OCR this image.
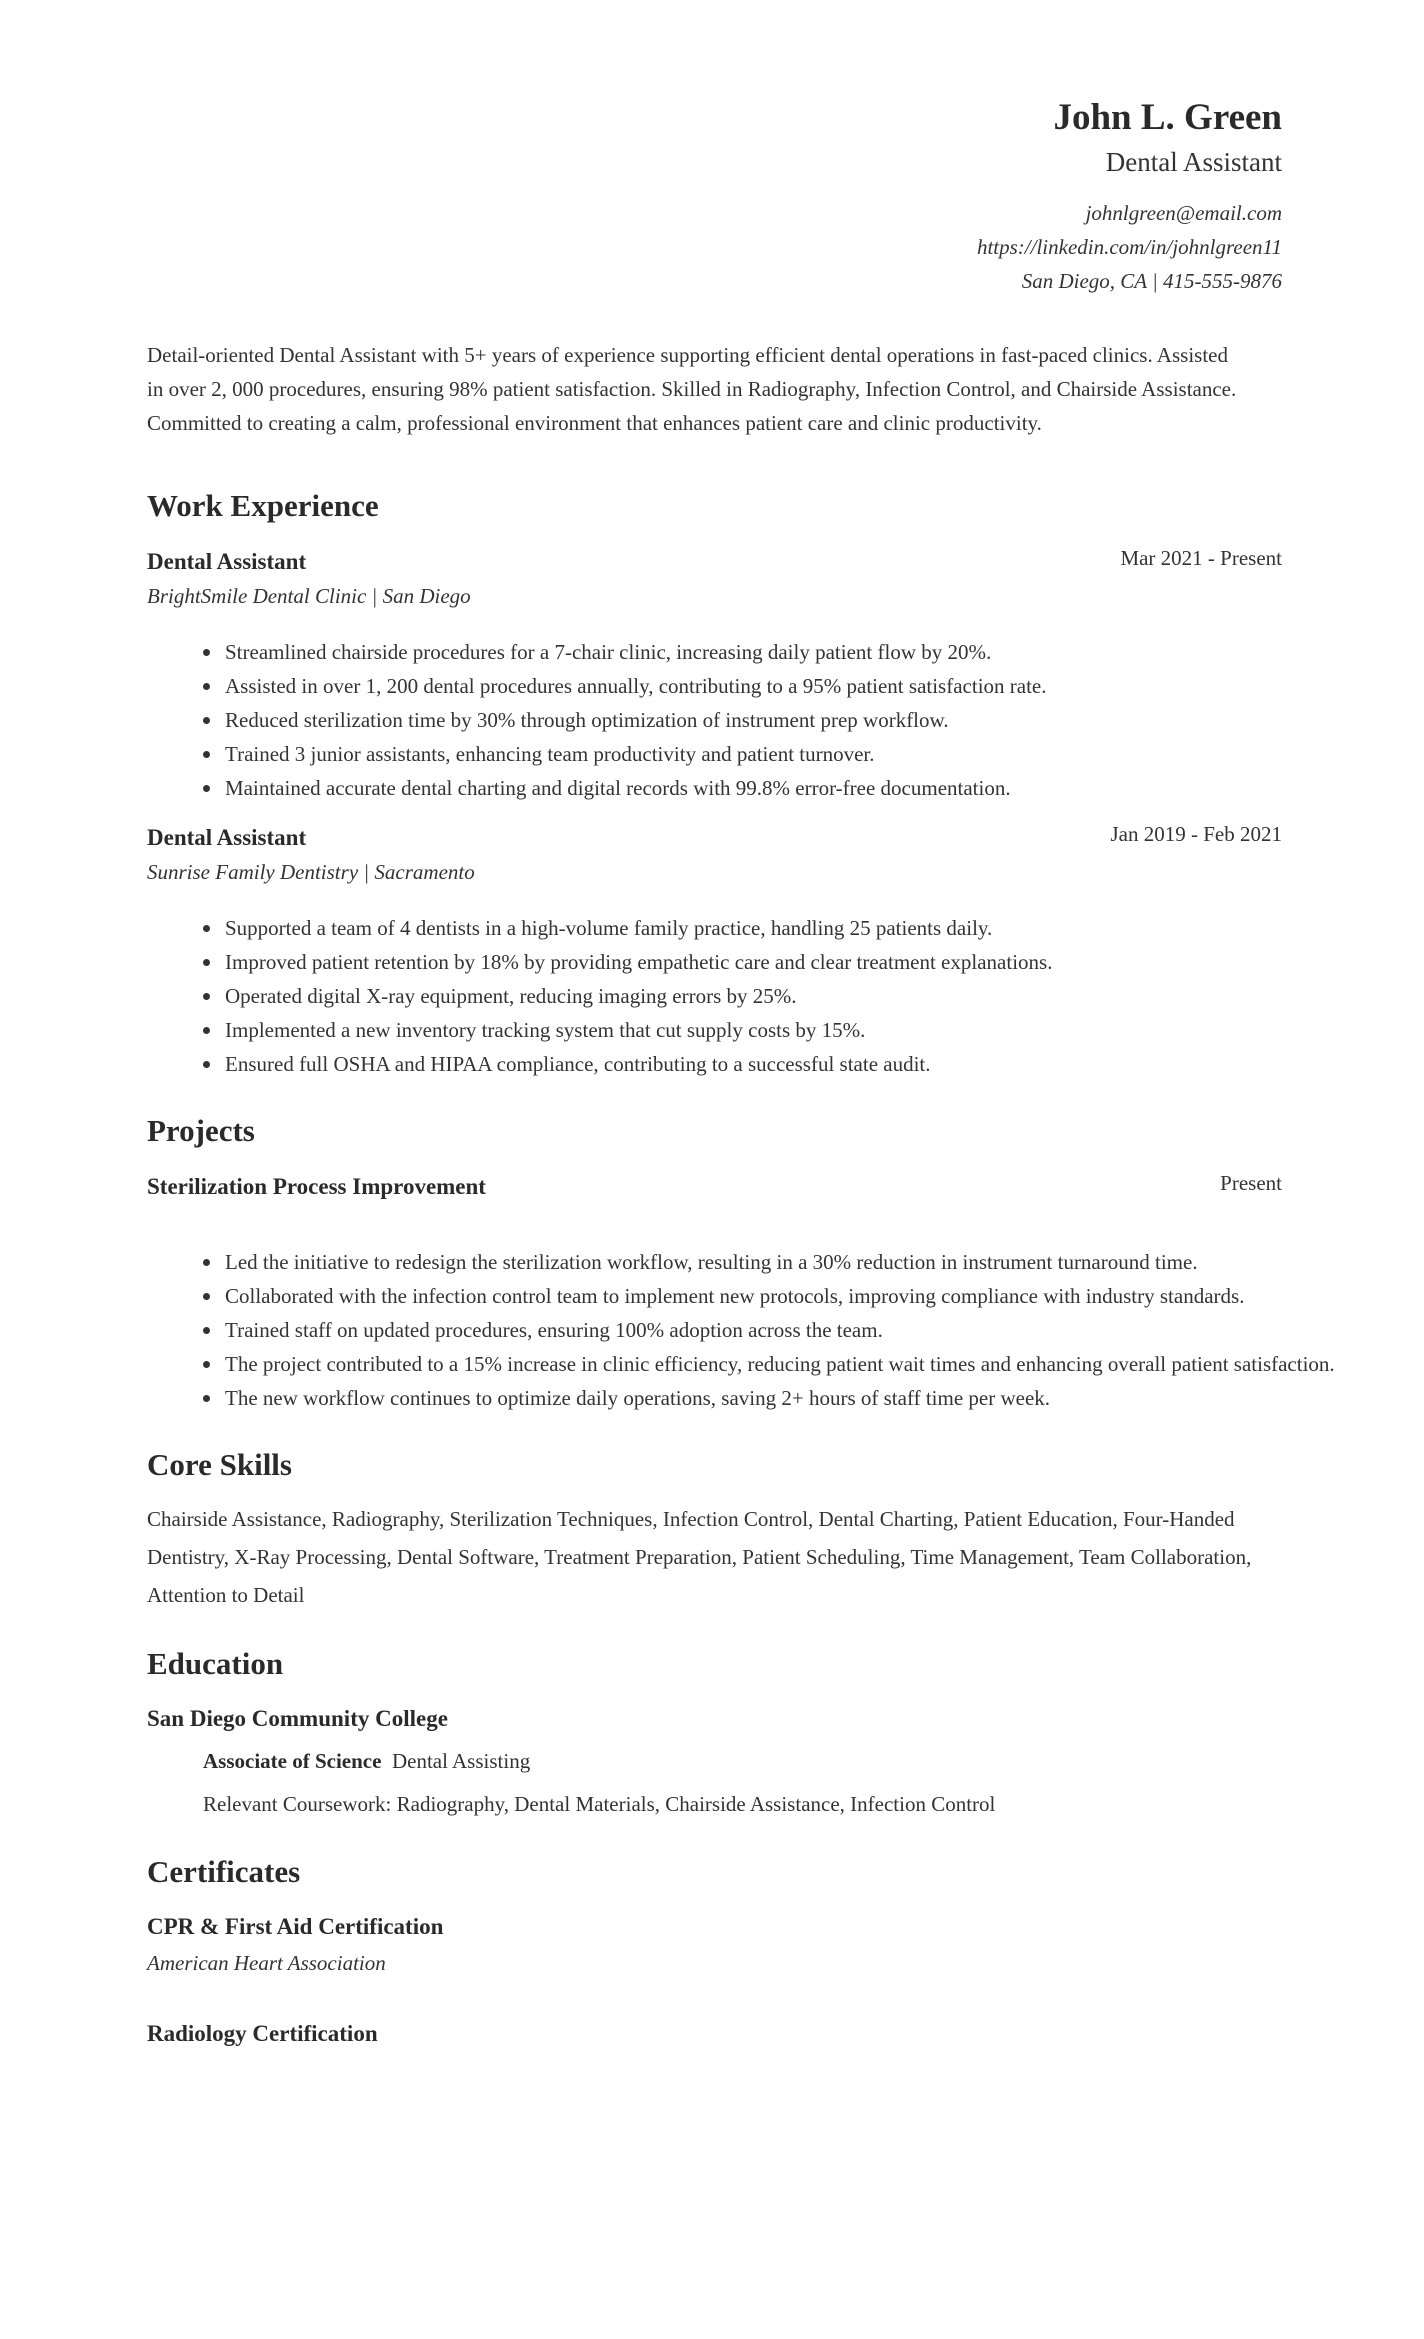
John L. Green
Dental Assistant
johnlgreen@email.com
https://linkedin.com/in/johnlgreen11
San Diego, CA | 415-555-9876
Detail-oriented Dental Assistant with 5+ years of experience supporting efficient dental operations in fast-paced clinics. Assisted in over 2, 000 procedures, ensuring 98% patient satisfaction. Skilled in Radiography, Infection Control, and Chairside Assistance. Committed to creating a calm, professional environment that enhances patient care and clinic productivity.
Work Experience
Dental Assistant	Mar 2021 - Present
BrightSmile Dental Clinic | San Diego
Streamlined chairside procedures for a 7-chair clinic, increasing daily patient flow by 20%.
Assisted in over 1, 200 dental procedures annually, contributing to a 95% patient satisfaction rate.
Reduced sterilization time by 30% through optimization of instrument prep workflow.
Trained 3 junior assistants, enhancing team productivity and patient turnover.
Maintained accurate dental charting and digital records with 99.8% error-free documentation.
Dental Assistant	Jan 2019 - Feb 2021
Sunrise Family Dentistry | Sacramento
Supported a team of 4 dentists in a high-volume family practice, handling 25 patients daily.
Improved patient retention by 18% by providing empathetic care and clear treatment explanations.
Operated digital X-ray equipment, reducing imaging errors by 25%.
Implemented a new inventory tracking system that cut supply costs by 15%.
Ensured full OSHA and HIPAA compliance, contributing to a successful state audit.
Projects
Sterilization Process Improvement	Present
Led the initiative to redesign the sterilization workflow, resulting in a 30% reduction in instrument turnaround time.
Collaborated with the infection control team to implement new protocols, improving compliance with industry standards.
Trained staff on updated procedures, ensuring 100% adoption across the team.
The project contributed to a 15% increase in clinic efficiency, reducing patient wait times and enhancing overall patient satisfaction.
The new workflow continues to optimize daily operations, saving 2+ hours of staff time per week.
Core Skills
Chairside Assistance, Radiography, Sterilization Techniques, Infection Control, Dental Charting, Patient Education, Four-Handed Dentistry, X-Ray Processing, Dental Software, Treatment Preparation, Patient Scheduling, Time Management, Team Collaboration, Attention to Detail
Education
San Diego Community College
Associate of Science Dental Assisting
Relevant Coursework: Radiography, Dental Materials, Chairside Assistance, Infection Control
Certificates
CPR & First Aid Certification
American Heart Association
Radiology Certification
